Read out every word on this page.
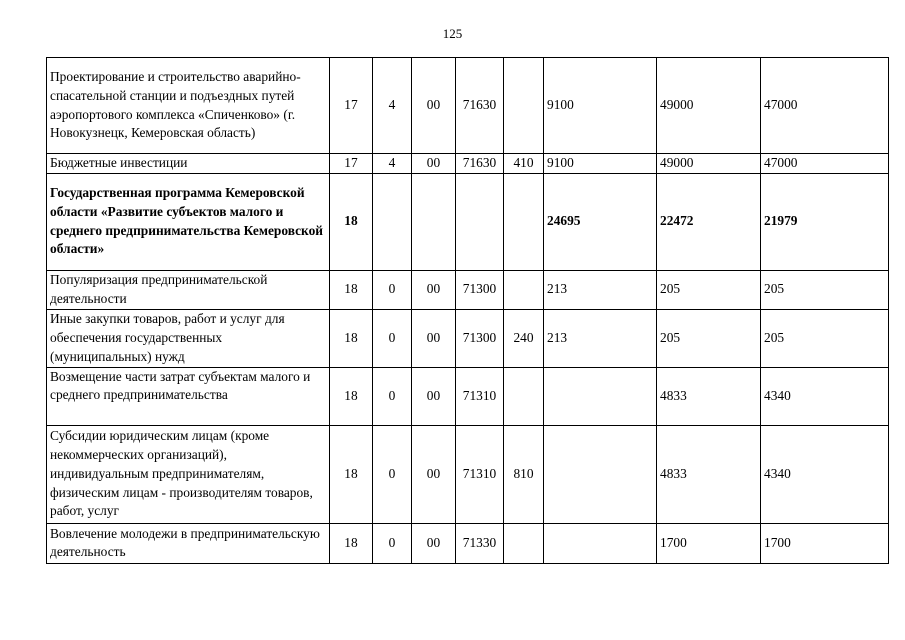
125
Проектирование и строительство аварийно-спасательной станции и подъездных путей аэропортового комплекса «Спиченково» (г. Новокузнецк, Кемеровская область)	17	4	00	71630		9100	49000	47000
Бюджетные инвестиции	17	4	00	71630	410	9100	49000	47000
Государственная программа Кемеровской области «Развитие субъектов малого и среднего предпринимательства Кемеровской области»	18					24695	22472	21979
Популяризация предпринимательской деятельности	18	0	00	71300		213	205	205
Иные закупки товаров, работ и услуг для обеспечения государственных (муниципальных) нужд	18	0	00	71300	240	213	205	205
Возмещение части затрат субъектам малого и среднего предпринимательства	18	0	00	71310			4833	4340
Субсидии юридическим лицам (кроме некоммерческих организаций), индивидуальным предпринимателям, физическим лицам - производителям товаров, работ, услуг	18	0	00	71310	810		4833	4340
Вовлечение молодежи в предпринимательскую деятельность	18	0	00	71330			1700	1700
